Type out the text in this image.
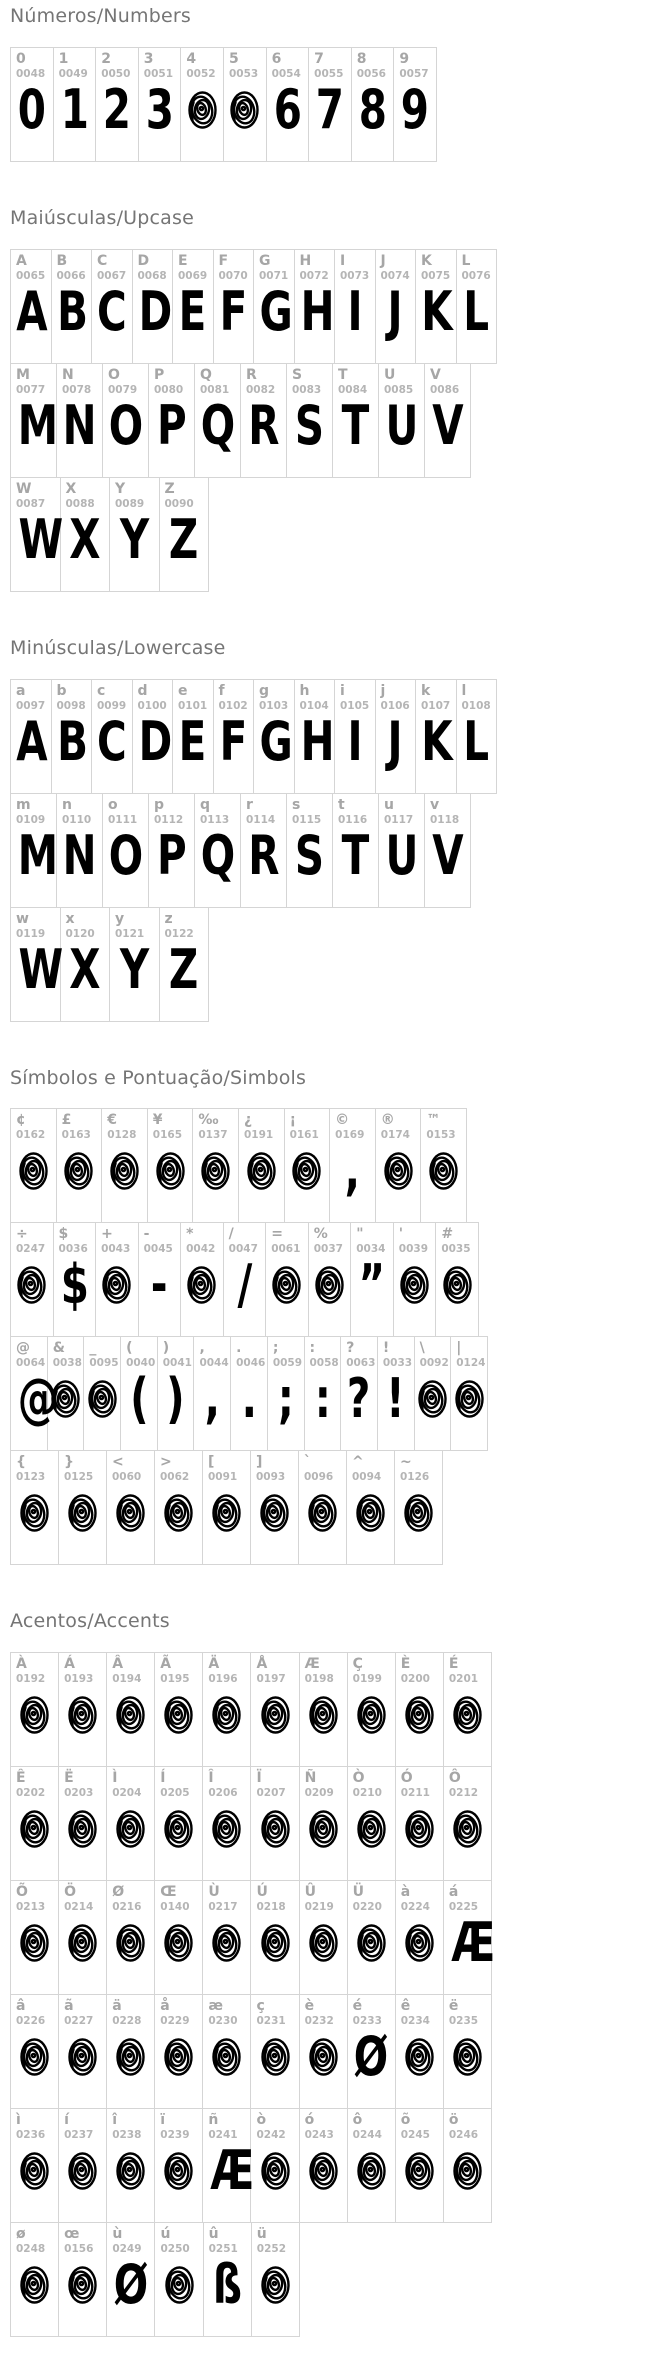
Números/Numbers
0
0048
0
1
0049
1
2
0050
2
3
0051
3
4
0052
5
0053
6
0054
6
7
0055
7
8
0056
8
9
0057
9
Maiúsculas/Upcase
A
0065
A
B
0066
B
C
0067
C
D
0068
D
E
0069
E
F
0070
F
G
0071
G
H
0072
H
I
0073
I
J
0074
J
K
0075
K
L
0076
L
M
0077
M
N
0078
N
O
0079
O
P
0080
P
Q
0081
Q
R
0082
R
S
0083
S
T
0084
T
U
0085
U
V
0086
V
W
0087
W
X
0088
X
Y
0089
Y
Z
0090
Z
Minúsculas/Lowercase
a
0097
A
b
0098
B
c
0099
C
d
0100
D
e
0101
E
f
0102
F
g
0103
G
h
0104
H
i
0105
I
j
0106
J
k
0107
K
l
0108
L
m
0109
M
n
0110
N
o
0111
O
p
0112
P
q
0113
Q
r
0114
R
s
0115
S
t
0116
T
u
0117
U
v
0118
V
w
0119
W
x
0120
X
y
0121
Y
z
0122
Z
Símbolos e Pontuação/Simbols
¢
0162
£
0163
€
0128
¥
0165
‰
0137
¿
0191
¡
0161
©
0169
,
®
0174
™
0153
÷
0247
$
0036
$
+
0043
-
0045
-
*
0042
/
0047
/
=
0061
%
0037
"
0034
”
'
0039
#
0035
@
0064
@
&
0038
_
0095
(
0040
(
)
0041
)
,
0044
,
.
0046
.
;
0059
;
:
0058
:
?
0063
?
!
0033
!
\
0092
|
0124
{
0123
}
0125
<
0060
>
0062
[
0091
]
0093
`
0096
^
0094
~
0126
Acentos/Accents
À
0192
Á
0193
Â
0194
Ã
0195
Ä
0196
Å
0197
Æ
0198
Ç
0199
È
0200
É
0201
Ê
0202
Ë
0203
Ì
0204
Í
0205
Î
0206
Ï
0207
Ñ
0209
Ò
0210
Ó
0211
Ô
0212
Õ
0213
Ö
0214
Ø
0216
Œ
0140
Ù
0217
Ú
0218
Û
0219
Ü
0220
à
0224
á
0225
Æ
â
0226
ã
0227
ä
0228
å
0229
æ
0230
ç
0231
è
0232
é
0233
Ø
ê
0234
ë
0235
ì
0236
í
0237
î
0238
ï
0239
ñ
0241
Æ
ò
0242
ó
0243
ô
0244
õ
0245
ö
0246
ø
0248
œ
0156
ù
0249
Ø
ú
0250
û
0251
ß
ü
0252
